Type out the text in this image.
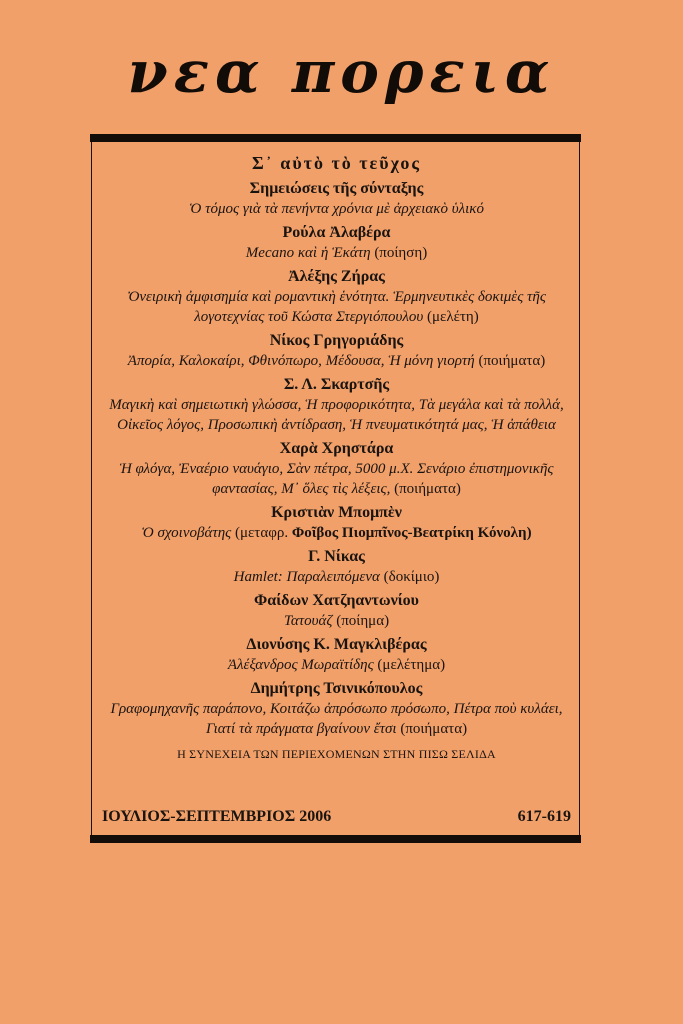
νεα πορεια
Σ᾿ αὐτὸ τὸ τεῦχος
Σημειώσεις τῆς σύνταξης
Ὁ τόμος γιὰ τὰ πενήντα χρόνια μὲ ἀρχειακὸ ὑλικό
Ρούλα Ἀλαβέρα
Mecano καὶ ἡ Ἑκάτη (ποίηση)
Ἀλέξης Ζήρας
Ὀνειρικὴ ἀμφισημία καὶ ρομαντικὴ ἑνότητα. Ἑρμηνευτικὲς δοκιμὲς τῆς λογοτεχνίας τοῦ Κώστα Στεργιόπουλου (μελέτη)
Νίκος Γρηγοριάδης
Ἀπορία, Καλοκαίρι, Φθινόπωρο, Μέδουσα, Ἡ μόνη γιορτή (ποιήματα)
Σ. Λ. Σκαρτσῆς
Μαγικὴ καὶ σημειωτικὴ γλώσσα, Ἡ προφορικότητα, Τὰ μεγάλα καὶ τὰ πολλά, Οἰκεῖος λόγος, Προσωπικὴ ἀντίδραση, Ἡ πνευματικότητά μας, Ἡ ἀπάθεια
Χαρὰ Χρηστάρα
Ἡ φλόγα, Ἐναέριο ναυάγιο, Σὰν πέτρα, 5000 μ.Χ. Σενάριο ἐπιστημονικῆς φαντασίας, Μ᾿ ὅλες τὶς λέξεις, (ποιήματα)
Κριστιὰν Μπομπὲν
Ὁ σχοινοβάτης (μεταφρ. Φοῖβος Πιομπῖνος-Βεατρίκη Κόνολη)
Γ. Νίκας
Hamlet: Παραλειπόμενα (δοκίμιο)
Φαίδων Χατζηαντωνίου
Τατουάζ (ποίημα)
Διονύσης Κ. Μαγκλιβέρας
Ἀλέξανδρος Μωραϊτίδης (μελέτημα)
Δημήτρης Τσινικόπουλος
Γραφομηχανῆς παράπονο, Κοιτάζω ἀπρόσωπο πρόσωπο, Πέτρα ποὺ κυλάει, Γιατί τὰ πράγματα βγαίνουν ἔτσι (ποιήματα)
Η ΣΥΝΕΧΕΙΑ ΤΩΝ ΠΕΡΙΕΧΟΜΕΝΩΝ ΣΤΗΝ ΠΙΣΩ ΣΕΛΙΔΑ
ΙΟΥΛΙΟΣ-ΣΕΠΤΕΜΒΡΙΟΣ 2006	617-619
